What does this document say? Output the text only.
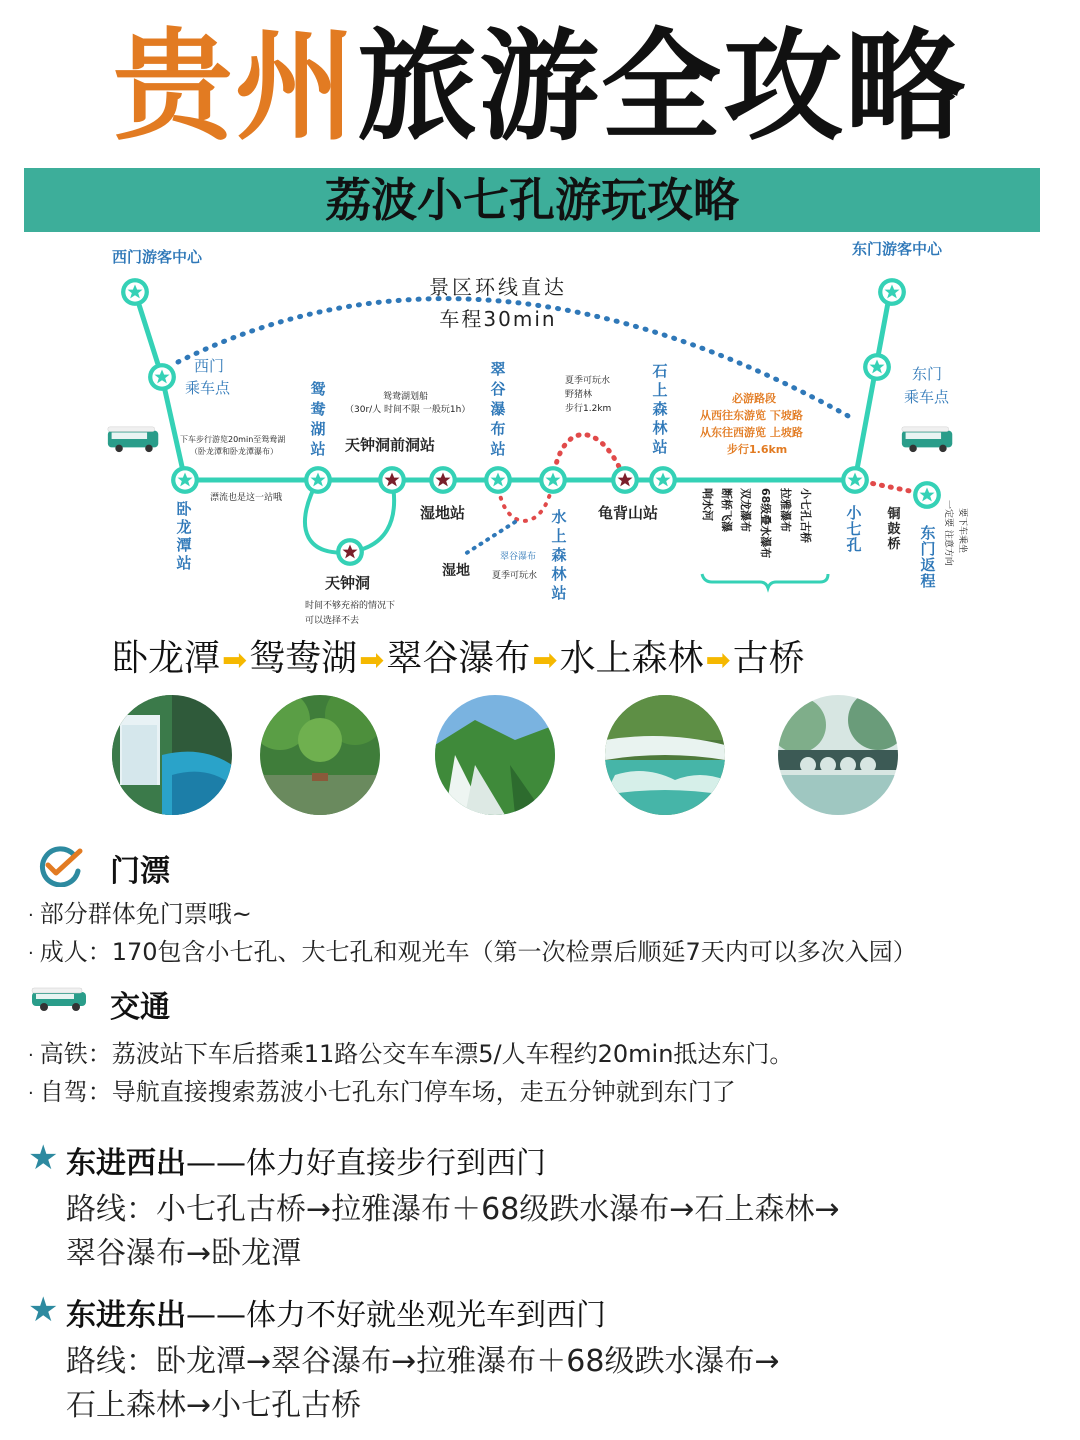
贵州旅游全攻略
荔波小七孔游玩攻略
西门游客中心	东门游客中心
景区环线直达
车程30min
西门
乘车点
东门
乘车点
下车步行游览20min至鸳鸯湖
（卧龙潭和卧龙潭瀑布）
漂流也是这一站哦
鸳鸯湖划船
（30r/人 时间不限 一般玩1h）
天钟洞前洞站
湿地站
天钟洞
时间不够充裕的情况下
可以选择不去
湿地
翠谷瀑布
夏季可玩水
夏季可玩水
野猪林
步行1.2km
龟背山站
必游路段
从西往东游览 下坡路
从东往西游览 上坡路
步行1.6km
卧
龙
潭
站
鸳
鸯
湖
站
翠
谷
瀑
布
站
水
上
森
林
站
石
上
森
林
站
小
七
孔
铜
鼓
桥
东
门
返
程
响水河 断桥飞瀑 双龙瀑布 68级叠水瀑布 拉雅瀑布 小七孔古桥	要下车乘坐
一定要 注意方向
卧龙潭➡鸳鸯湖➡翠谷瀑布➡水上森林➡古桥
门漂
· 部分群体免门票哦~
· 成人：170包含小七孔、大七孔和观光车（第一次检票后顺延7天内可以多次入园）
交通
· 高铁：荔波站下车后搭乘11路公交车车漂5/人车程约20min抵达东门。
· 自驾：导航直接搜索荔波小七孔东门停车场，走五分钟就到东门了
★ 东进西出——体力好直接步行到西门
路线：小七孔古桥→拉雅瀑布＋68级跌水瀑布→石上森林→
翠谷瀑布→卧龙潭
★ 东进东出——体力不好就坐观光车到西门
路线：卧龙潭→翠谷瀑布→拉雅瀑布＋68级跌水瀑布→
石上森林→小七孔古桥
